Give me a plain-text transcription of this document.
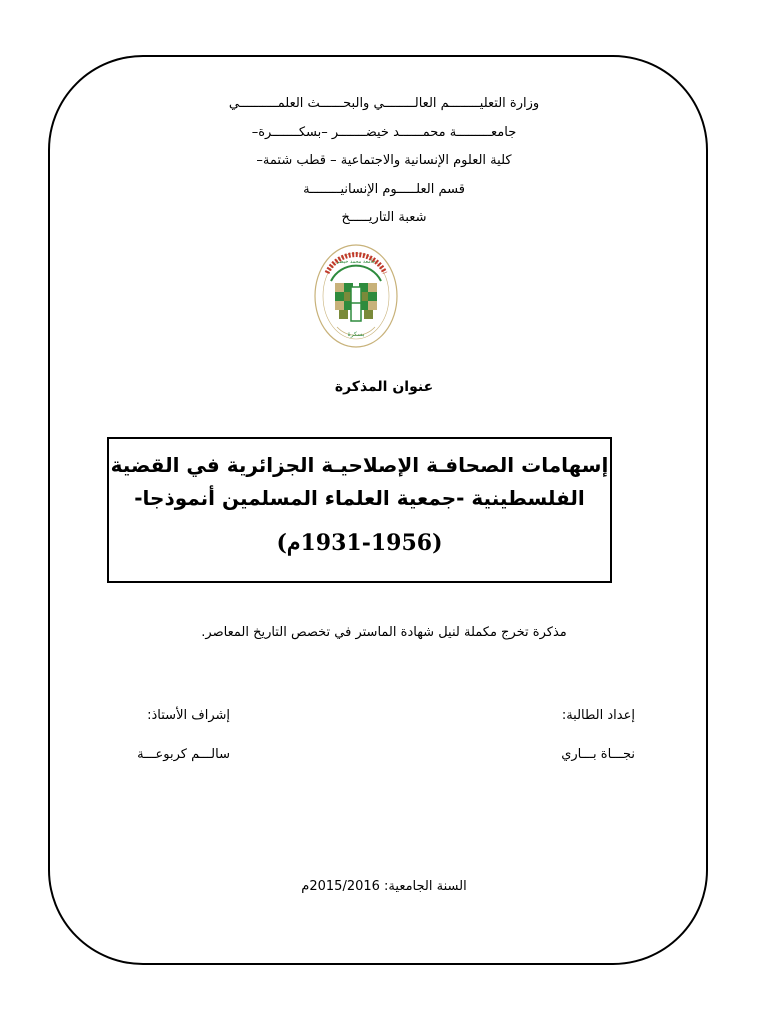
وزارة التعليــــــــم العالــــــــي والبحــــــث العلمــــــــــي
جامعـــــــــة محمــــــد خيضـــــــر –بسكـــــــرة–
كلية العلوم الإنسانية والاجتماعية – قطب شتمة–
قسم العلـــــوم الإنسانيــــــــة
شعبة التاريـــــخ
بسكرة
جامعة محمد خيضر
عنوان المذكرة
إسهامات الصحافـة الإصلاحيـة الجزائرية في القضية
الفلسطينية -جمعية العلماء المسلمين أنموذجا-
(1931-1956م)
مذكرة تخرج مكملة لنيل شهادة الماستر في تخصص التاريخ المعاصر.
إعداد الطالبة:
نجـــاة بـــاري
إشراف الأستاذ:
سالـــم كربوعـــة
السنة الجامعية: 2015/2016م
